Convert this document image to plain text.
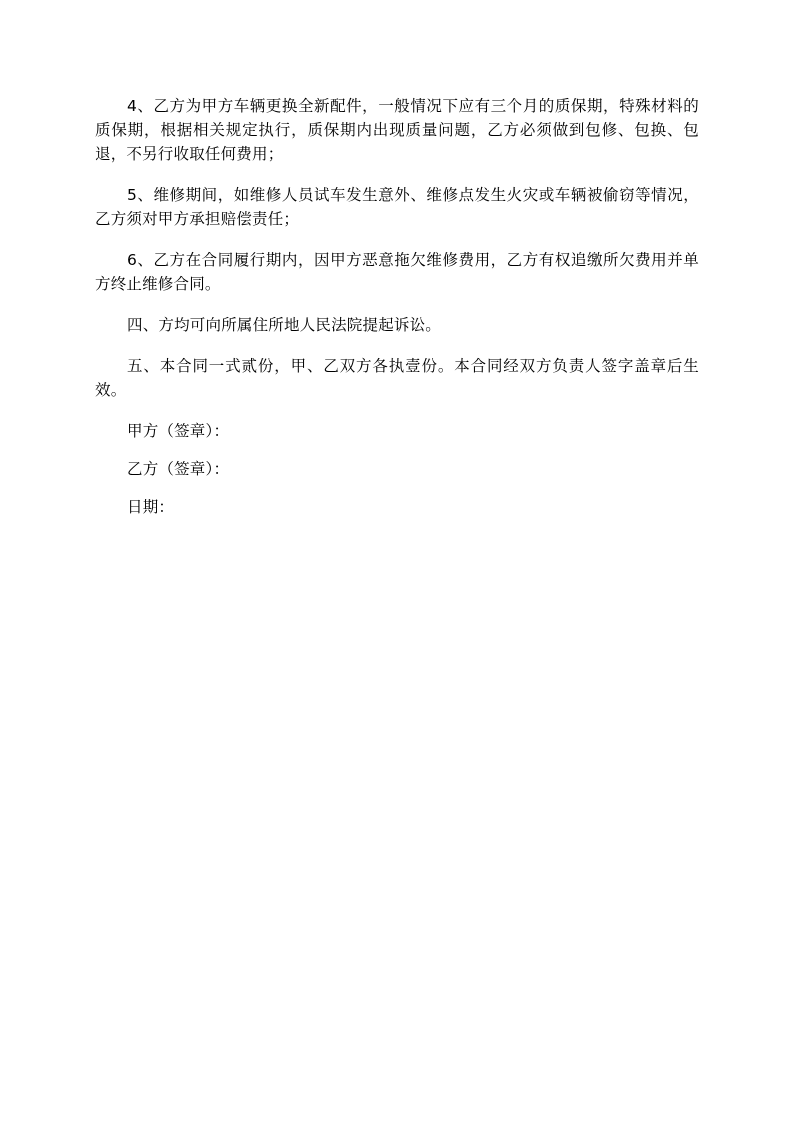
4、乙方为甲方车辆更换全新配件，一般情况下应有三个月的质保期，特殊材料的质保期，根据相关规定执行，质保期内出现质量问题，乙方必须做到包修、包换、包退，不另行收取任何费用；

5、维修期间，如维修人员试车发生意外、维修点发生火灾或车辆被偷窃等情况，乙方须对甲方承担赔偿责任；

6、乙方在合同履行期内，因甲方恶意拖欠维修费用，乙方有权追缴所欠费用并单方终止维修合同。

四、方均可向所属住所地人民法院提起诉讼。

五、本合同一式贰份，甲、乙双方各执壹份。本合同经双方负责人签字盖章后生效。

甲方（签章）：

乙方（签章）：

日期：
